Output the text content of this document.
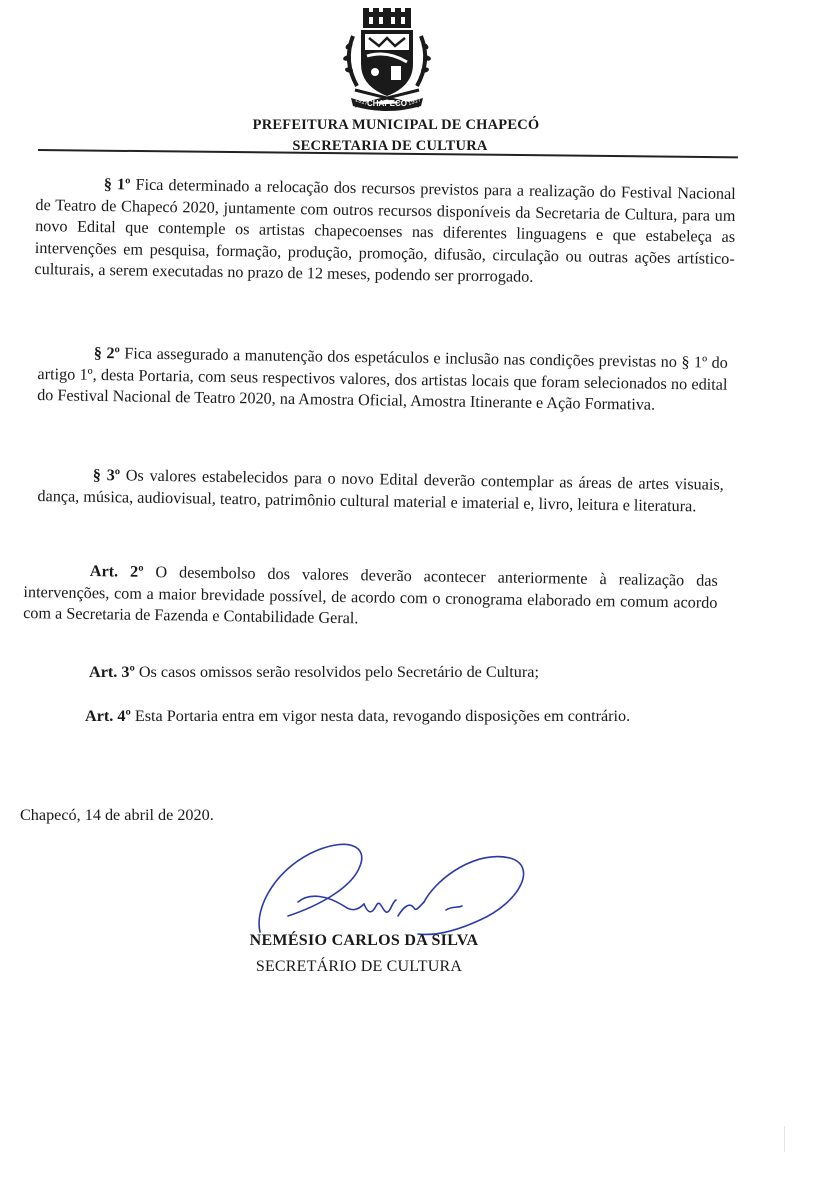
CHAPECÓ
1917	1917
PREFEITURA MUNICIPAL DE CHAPECÓ
SECRETARIA DE CULTURA
§ 1º Fica determinado a relocação dos recursos previstos para a realização do Festival Nacional de Teatro de Chapecó 2020, juntamente com outros recursos disponíveis da Secretaria de Cultura, para um novo Edital que contemple os artistas chapecoenses nas diferentes linguagens e que estabeleça as intervenções em pesquisa, formação, produção, promoção, difusão, circulação ou outras ações artístico-culturais, a serem executadas no prazo de 12 meses, podendo ser prorrogado.
§ 2º Fica assegurado a manutenção dos espetáculos e inclusão nas condições previstas no § 1º do artigo 1º, desta Portaria, com seus respectivos valores, dos artistas locais que foram selecionados no edital do Festival Nacional de Teatro 2020, na Amostra Oficial, Amostra Itinerante e Ação Formativa.
§ 3º Os valores estabelecidos para o novo Edital deverão contemplar as áreas de artes visuais, dança, música, audiovisual, teatro, patrimônio cultural material e imaterial e, livro, leitura e literatura.
Art. 2º O desembolso dos valores deverão acontecer anteriormente à realização das intervenções, com a maior brevidade possível, de acordo com o cronograma elaborado em comum acordo com a Secretaria de Fazenda e Contabilidade Geral.
Art. 3º Os casos omissos serão resolvidos pelo Secretário de Cultura;
Art. 4º Esta Portaria entra em vigor nesta data, revogando disposições em contrário.
Chapecó, 14 de abril de 2020.
NEMÉSIO CARLOS DA SILVA
SECRETÁRIO DE CULTURA
